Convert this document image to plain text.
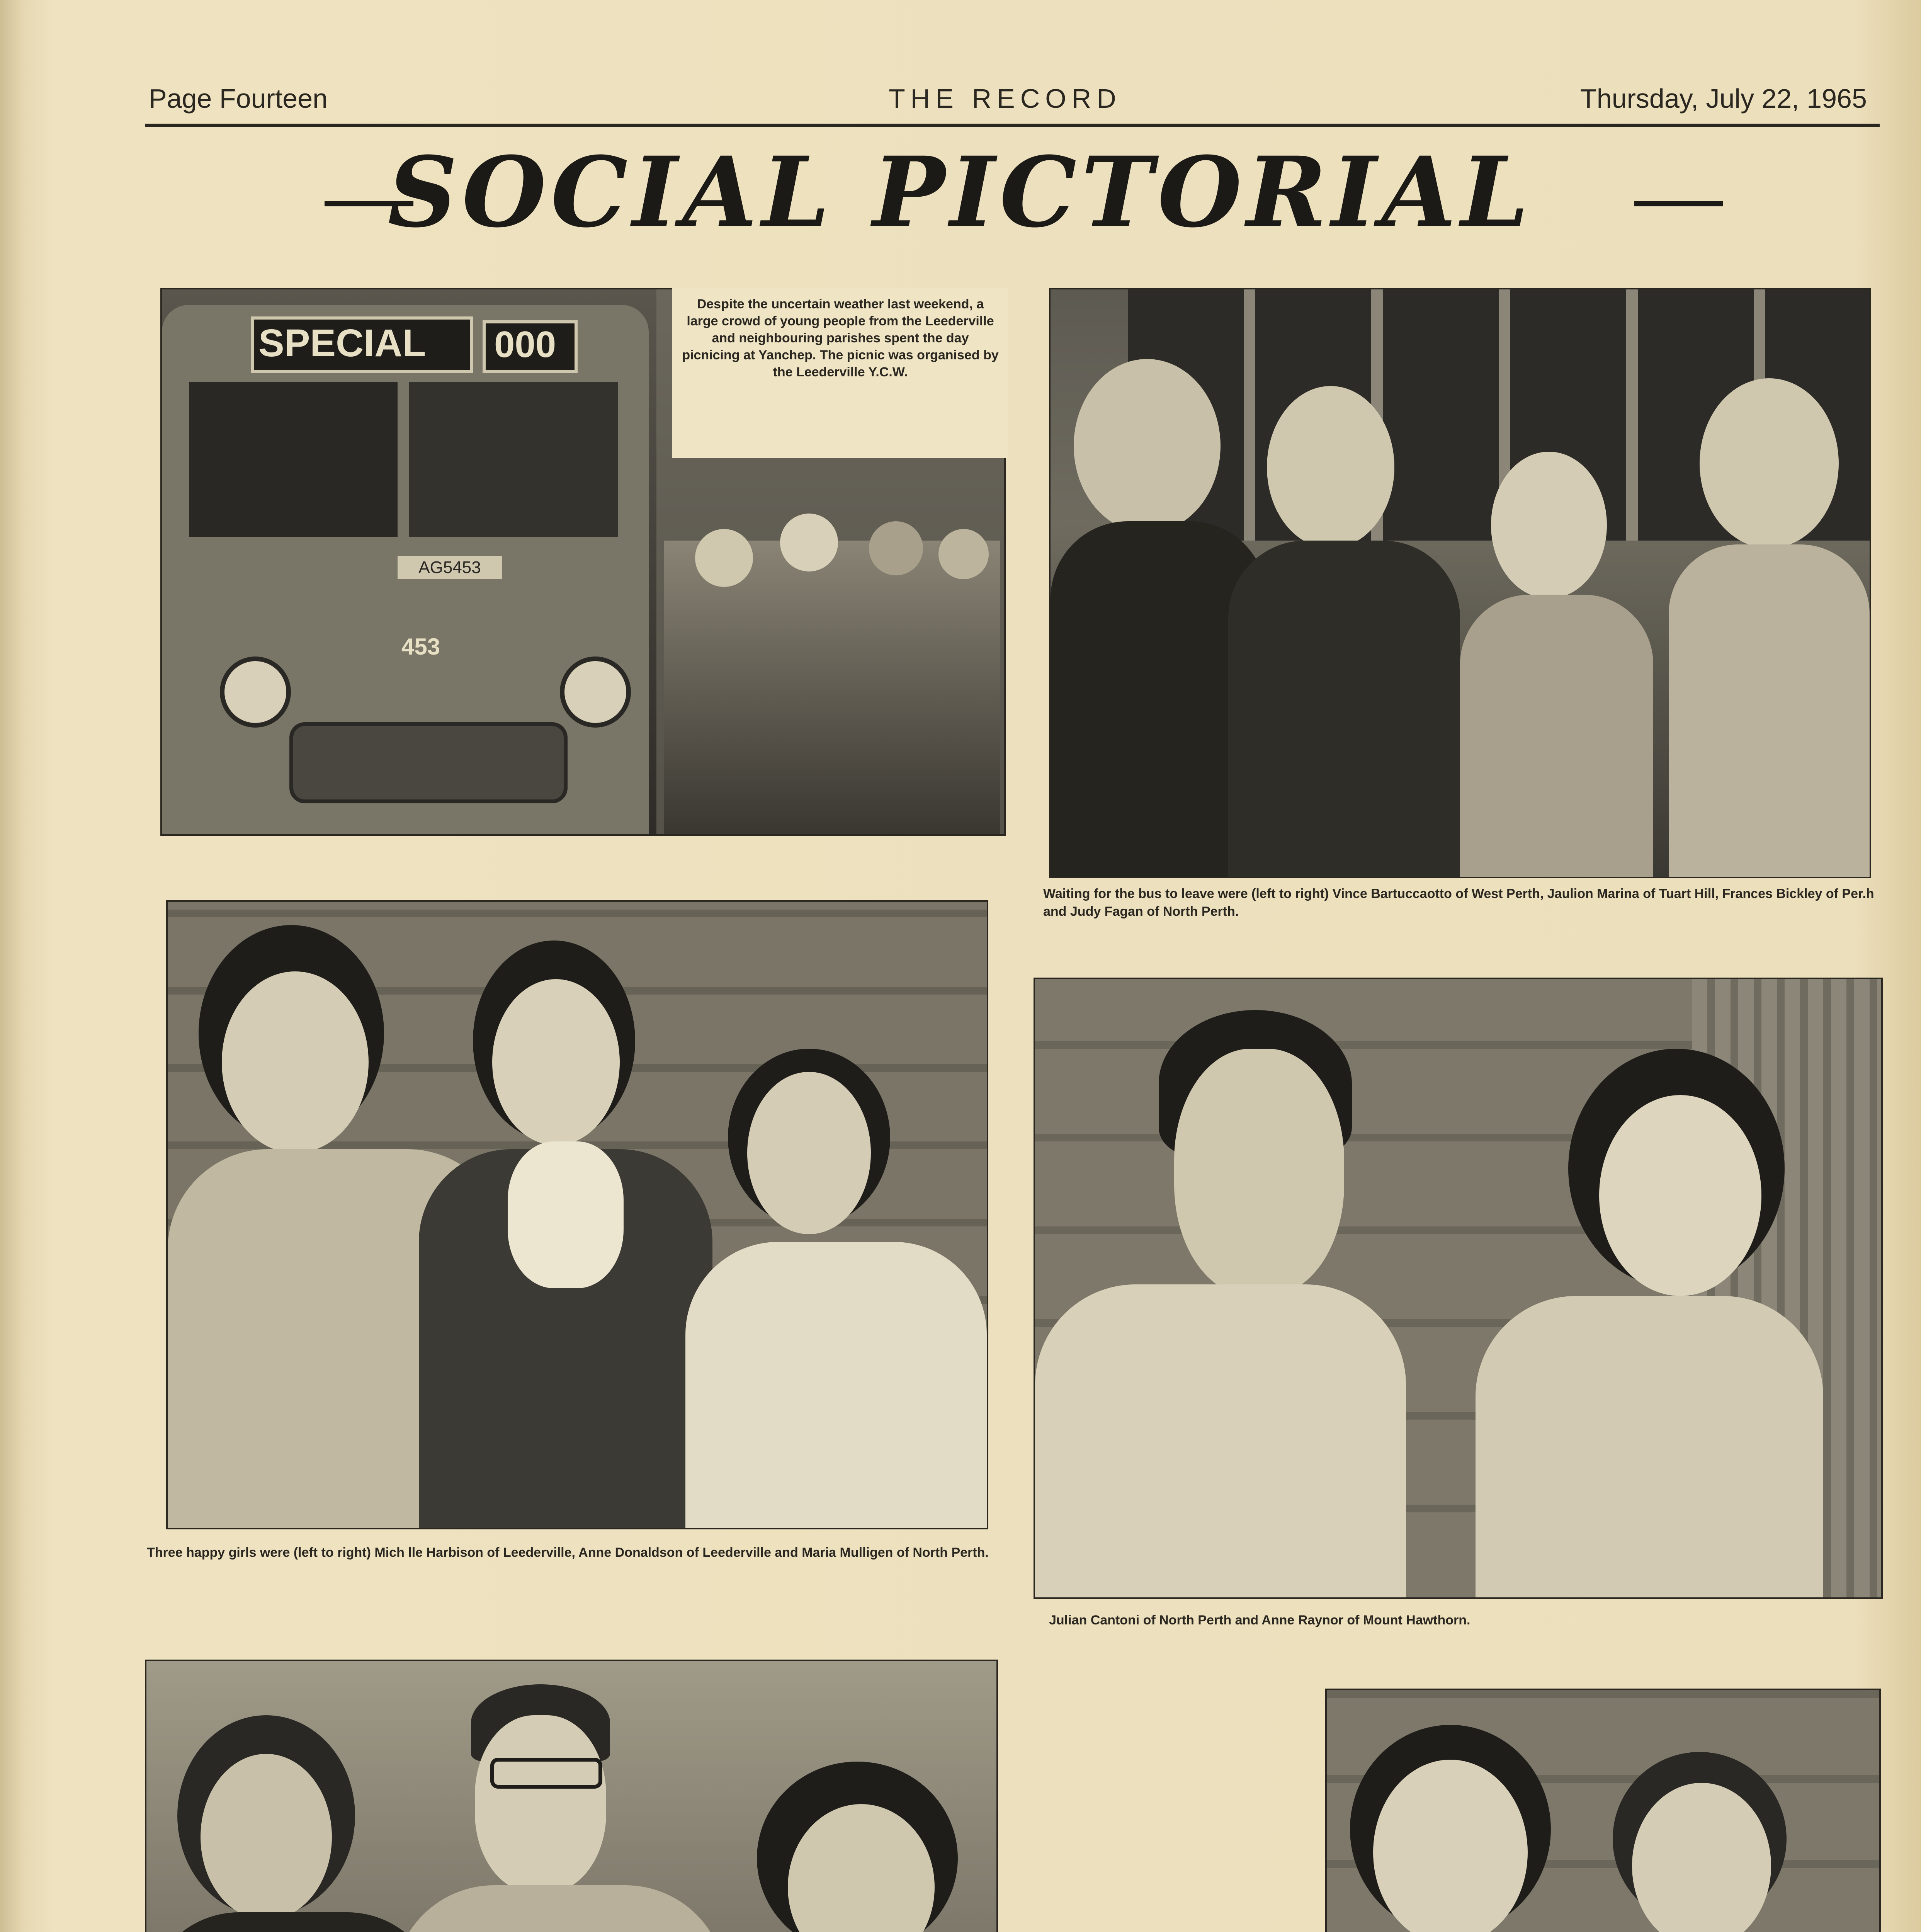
Page Fourteen	THE RECORD	Thursday, July 22, 1965
SOCIAL PICTORIAL
SPECIAL 000
AG5453
453
Despite the uncertain weather last weekend, a large crowd of young people from the Leederville and neighbouring parishes spent the day picnicing at Yanchep. The picnic was organised by the Leederville Y.C.W.
Waiting for the bus to leave were (left to right) Vince Bartuccaotto of West Perth, Jaulion Marina of Tuart Hill, Frances Bickley of Per.h and Judy Fagan of North Perth.
Three happy girls were (left to right) Mich lle Harbison of Leederville, Anne Donaldson of Leederville and Maria Mulligen of North Perth.
Julian Cantoni of North Perth and Anne Raynor of Mount Hawthorn.
